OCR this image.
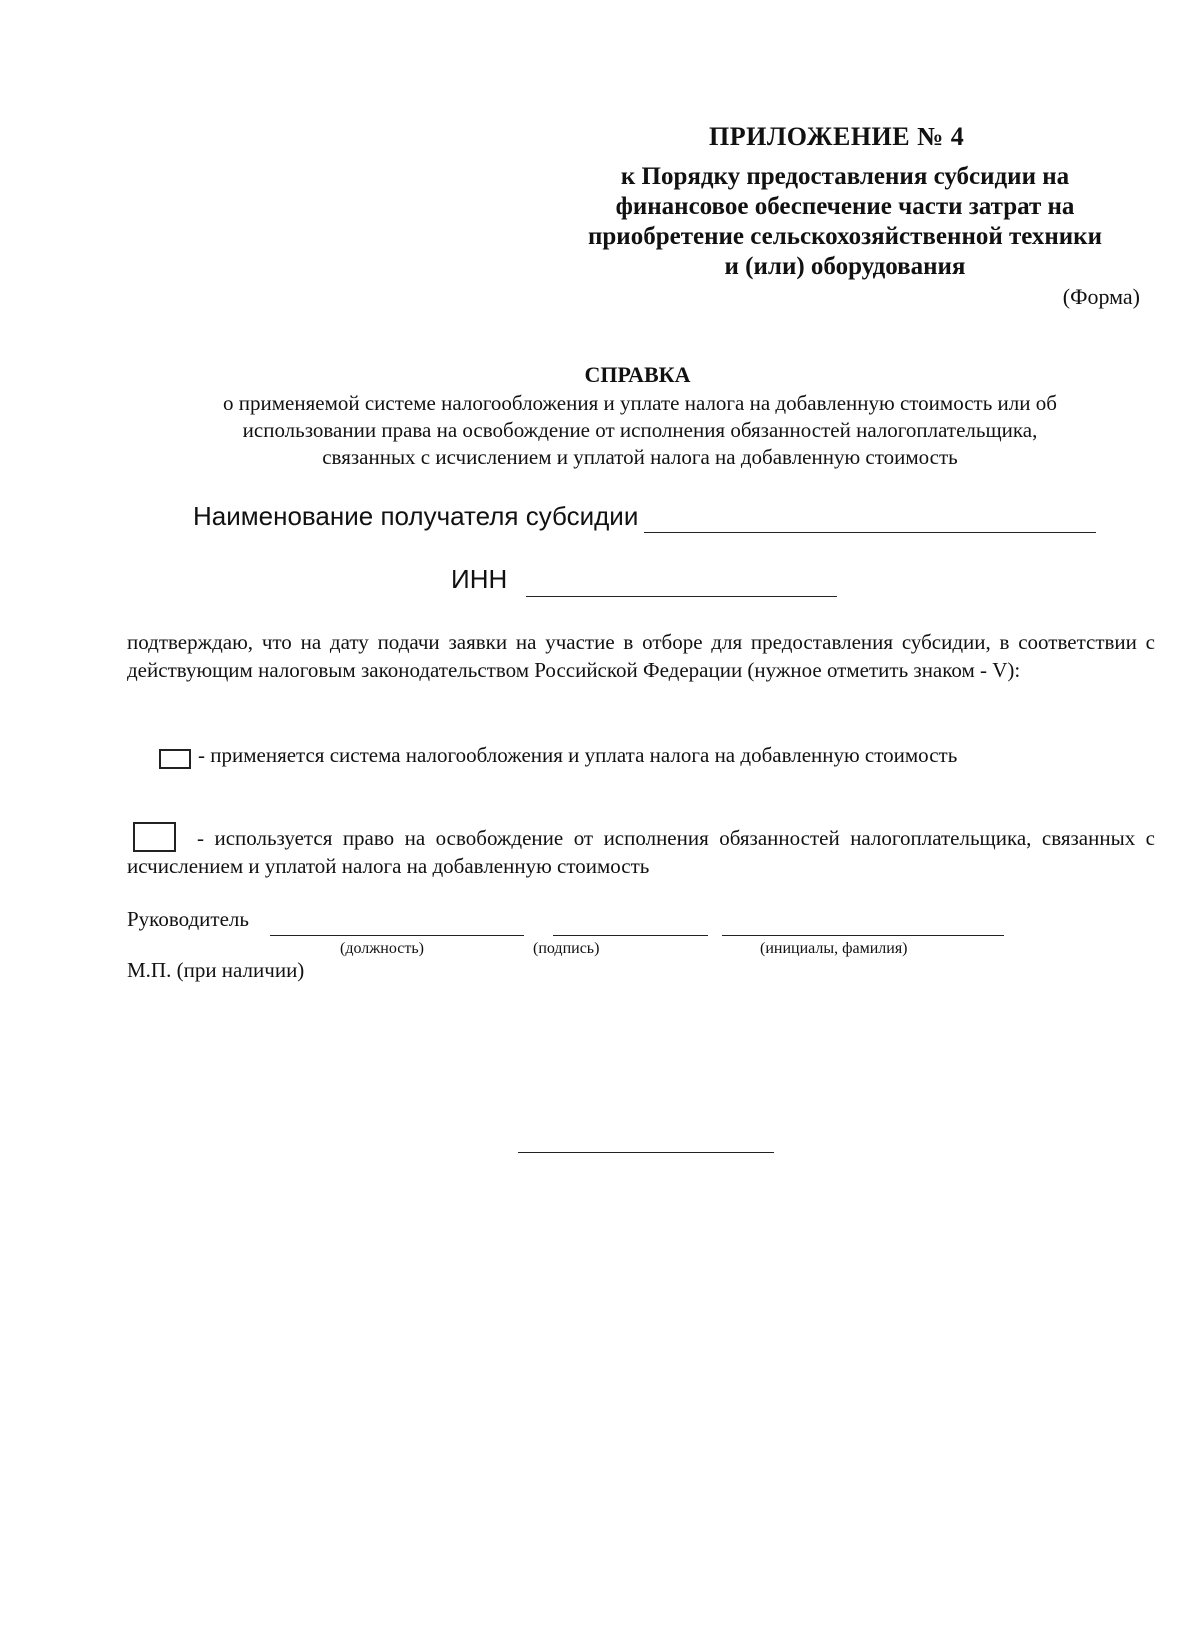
ПРИЛОЖЕНИЕ № 4
к Порядку предоставления субсидии на
финансовое обеспечение части затрат на
приобретение сельскохозяйственной техники
и (или) оборудования
(Форма)
СПРАВКА
о применяемой системе налогообложения и уплате налога на добавленную стоимость или об
использовании права на освобождение от исполнения обязанностей налогоплательщика,
связанных с исчислением и уплатой налога на добавленную стоимость
Наименование получателя субсидии
ИНН
подтверждаю, что на дату подачи заявки на участие в отборе для предоставления субсидии, в соответствии с действующим налоговым законодательством Российской Федерации (нужное отметить знаком - V):
- применяется система налогообложения и уплата налога на добавленную стоимость
- используется право на освобождение от исполнения обязанностей налогоплательщика, связанных с исчислением и уплатой налога на добавленную стоимость
Руководитель
(должность)	(подпись)	(инициалы, фамилия)
М.П. (при наличии)
